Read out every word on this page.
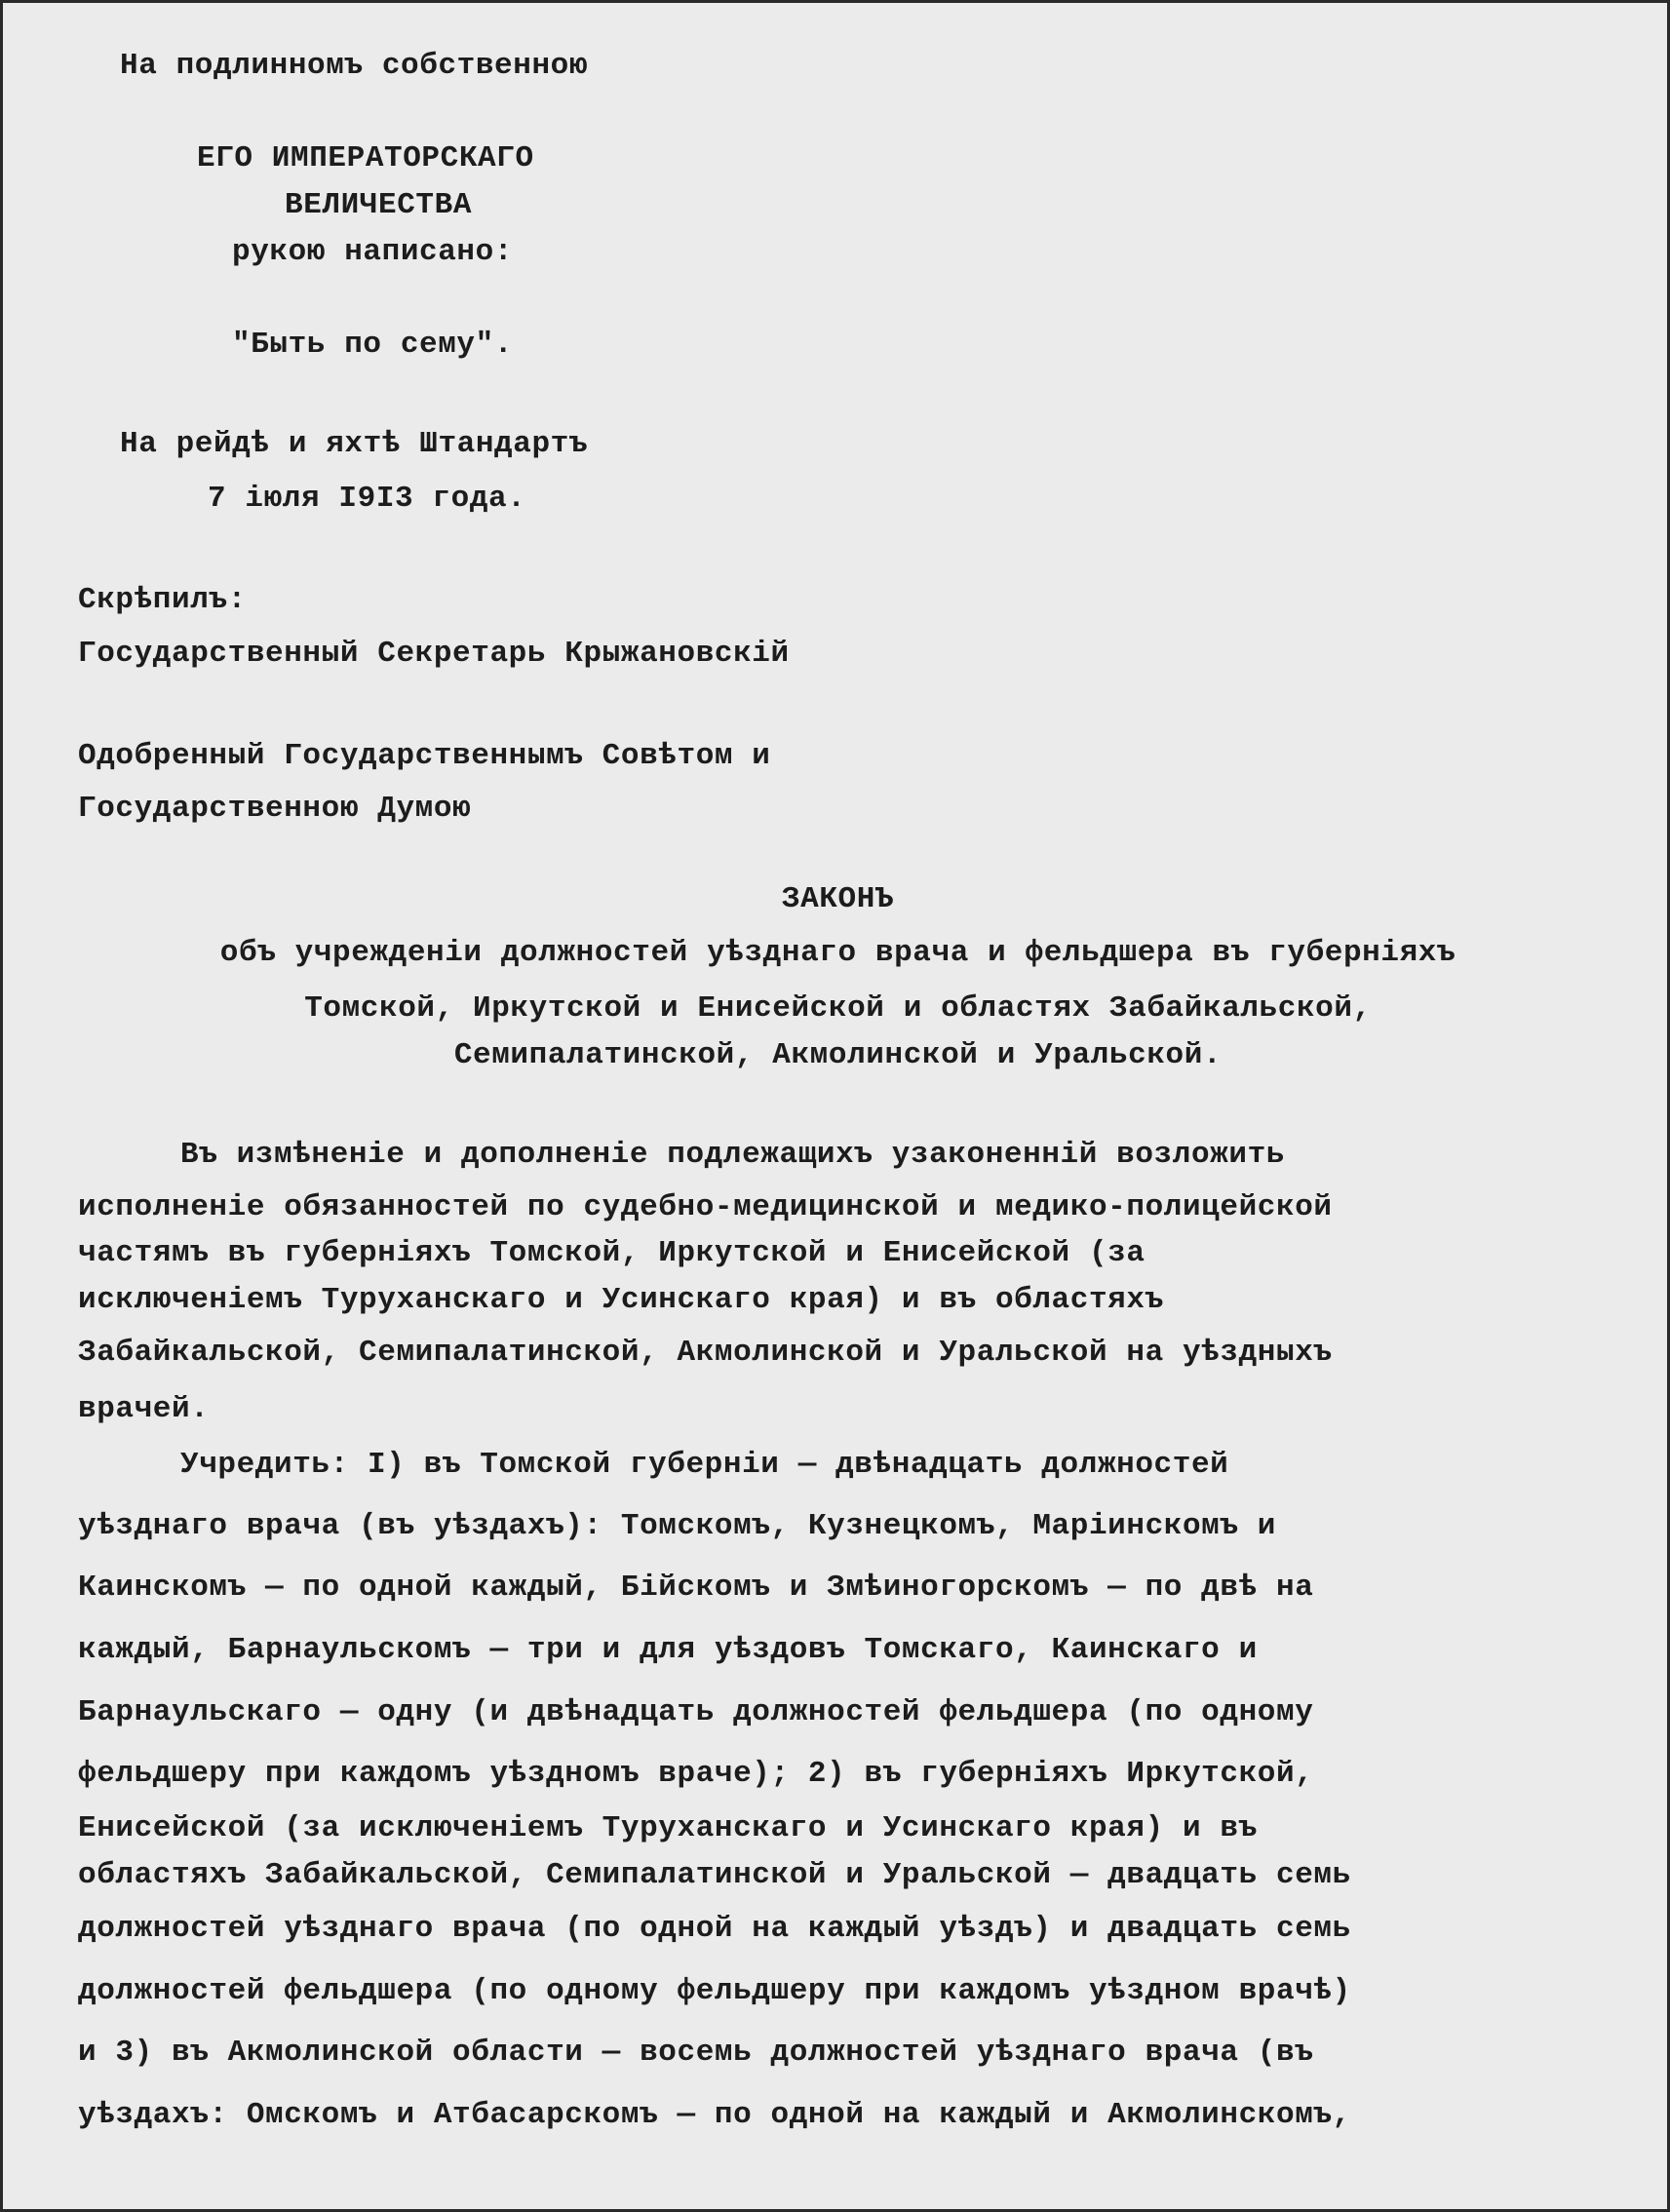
На подлинномъ собственною

ЕГО ИМПЕРАТОРСКАГО

ВЕЛИЧЕСТВА

рукою написано:

"Быть по сему".

На рейдѣ и яхтѣ Штандартъ

7 іюля I9I3 года.

Скрѣпилъ:

Государственный Секретарь Крыжановскій

Одобренный Государственнымъ Совѣтом и

Государственною Думою

ЗАКОНЪ

объ учрежденіи должностей уѣзднаго врача и фельдшера въ губерніяхъ

Томской, Иркутской и Енисейской и областях Забайкальской,

Семипалатинской, Акмолинской и Уральской.

Въ измѣненіе и дополненіе подлежащихъ узаконенній возложить

исполненіе обязанностей по судебно-медицинской и медико-полицейской

частямъ въ губерніяхъ Томской, Иркутской и Енисейской (за

исключеніемъ Туруханскаго и Усинскаго края) и въ областяхъ

Забайкальской, Семипалатинской, Акмолинской и Уральской на уѣздныхъ

врачей.

Учредить: I) въ Томской губерніи — двѣнадцать должностей

уѣзднаго врача (въ уѣздахъ): Томскомъ, Кузнецкомъ, Маріинскомъ и

Каинскомъ — по одной каждый, Бійскомъ и Змѣиногорскомъ — по двѣ на

каждый, Барнаульскомъ — три и для уѣздовъ Томскаго, Каинскаго и

Барнаульскаго — одну (и двѣнадцать должностей фельдшера (по одному

фельдшеру при каждомъ уѣздномъ враче); 2) въ губерніяхъ Иркутской,

Енисейской (за исключеніемъ Туруханскаго и Усинскаго края) и въ

областяхъ Забайкальской, Семипалатинской и Уральской — двадцать семь

должностей уѣзднаго врача (по одной на каждый уѣздъ) и двадцать семь

должностей фельдшера (по одному фельдшеру при каждомъ уѣздном врачѣ)

и 3) въ Акмолинской области — восемь должностей уѣзднаго врача (въ

уѣздахъ: Омскомъ и Атбасарскомъ — по одной на каждый и Акмолинскомъ,
